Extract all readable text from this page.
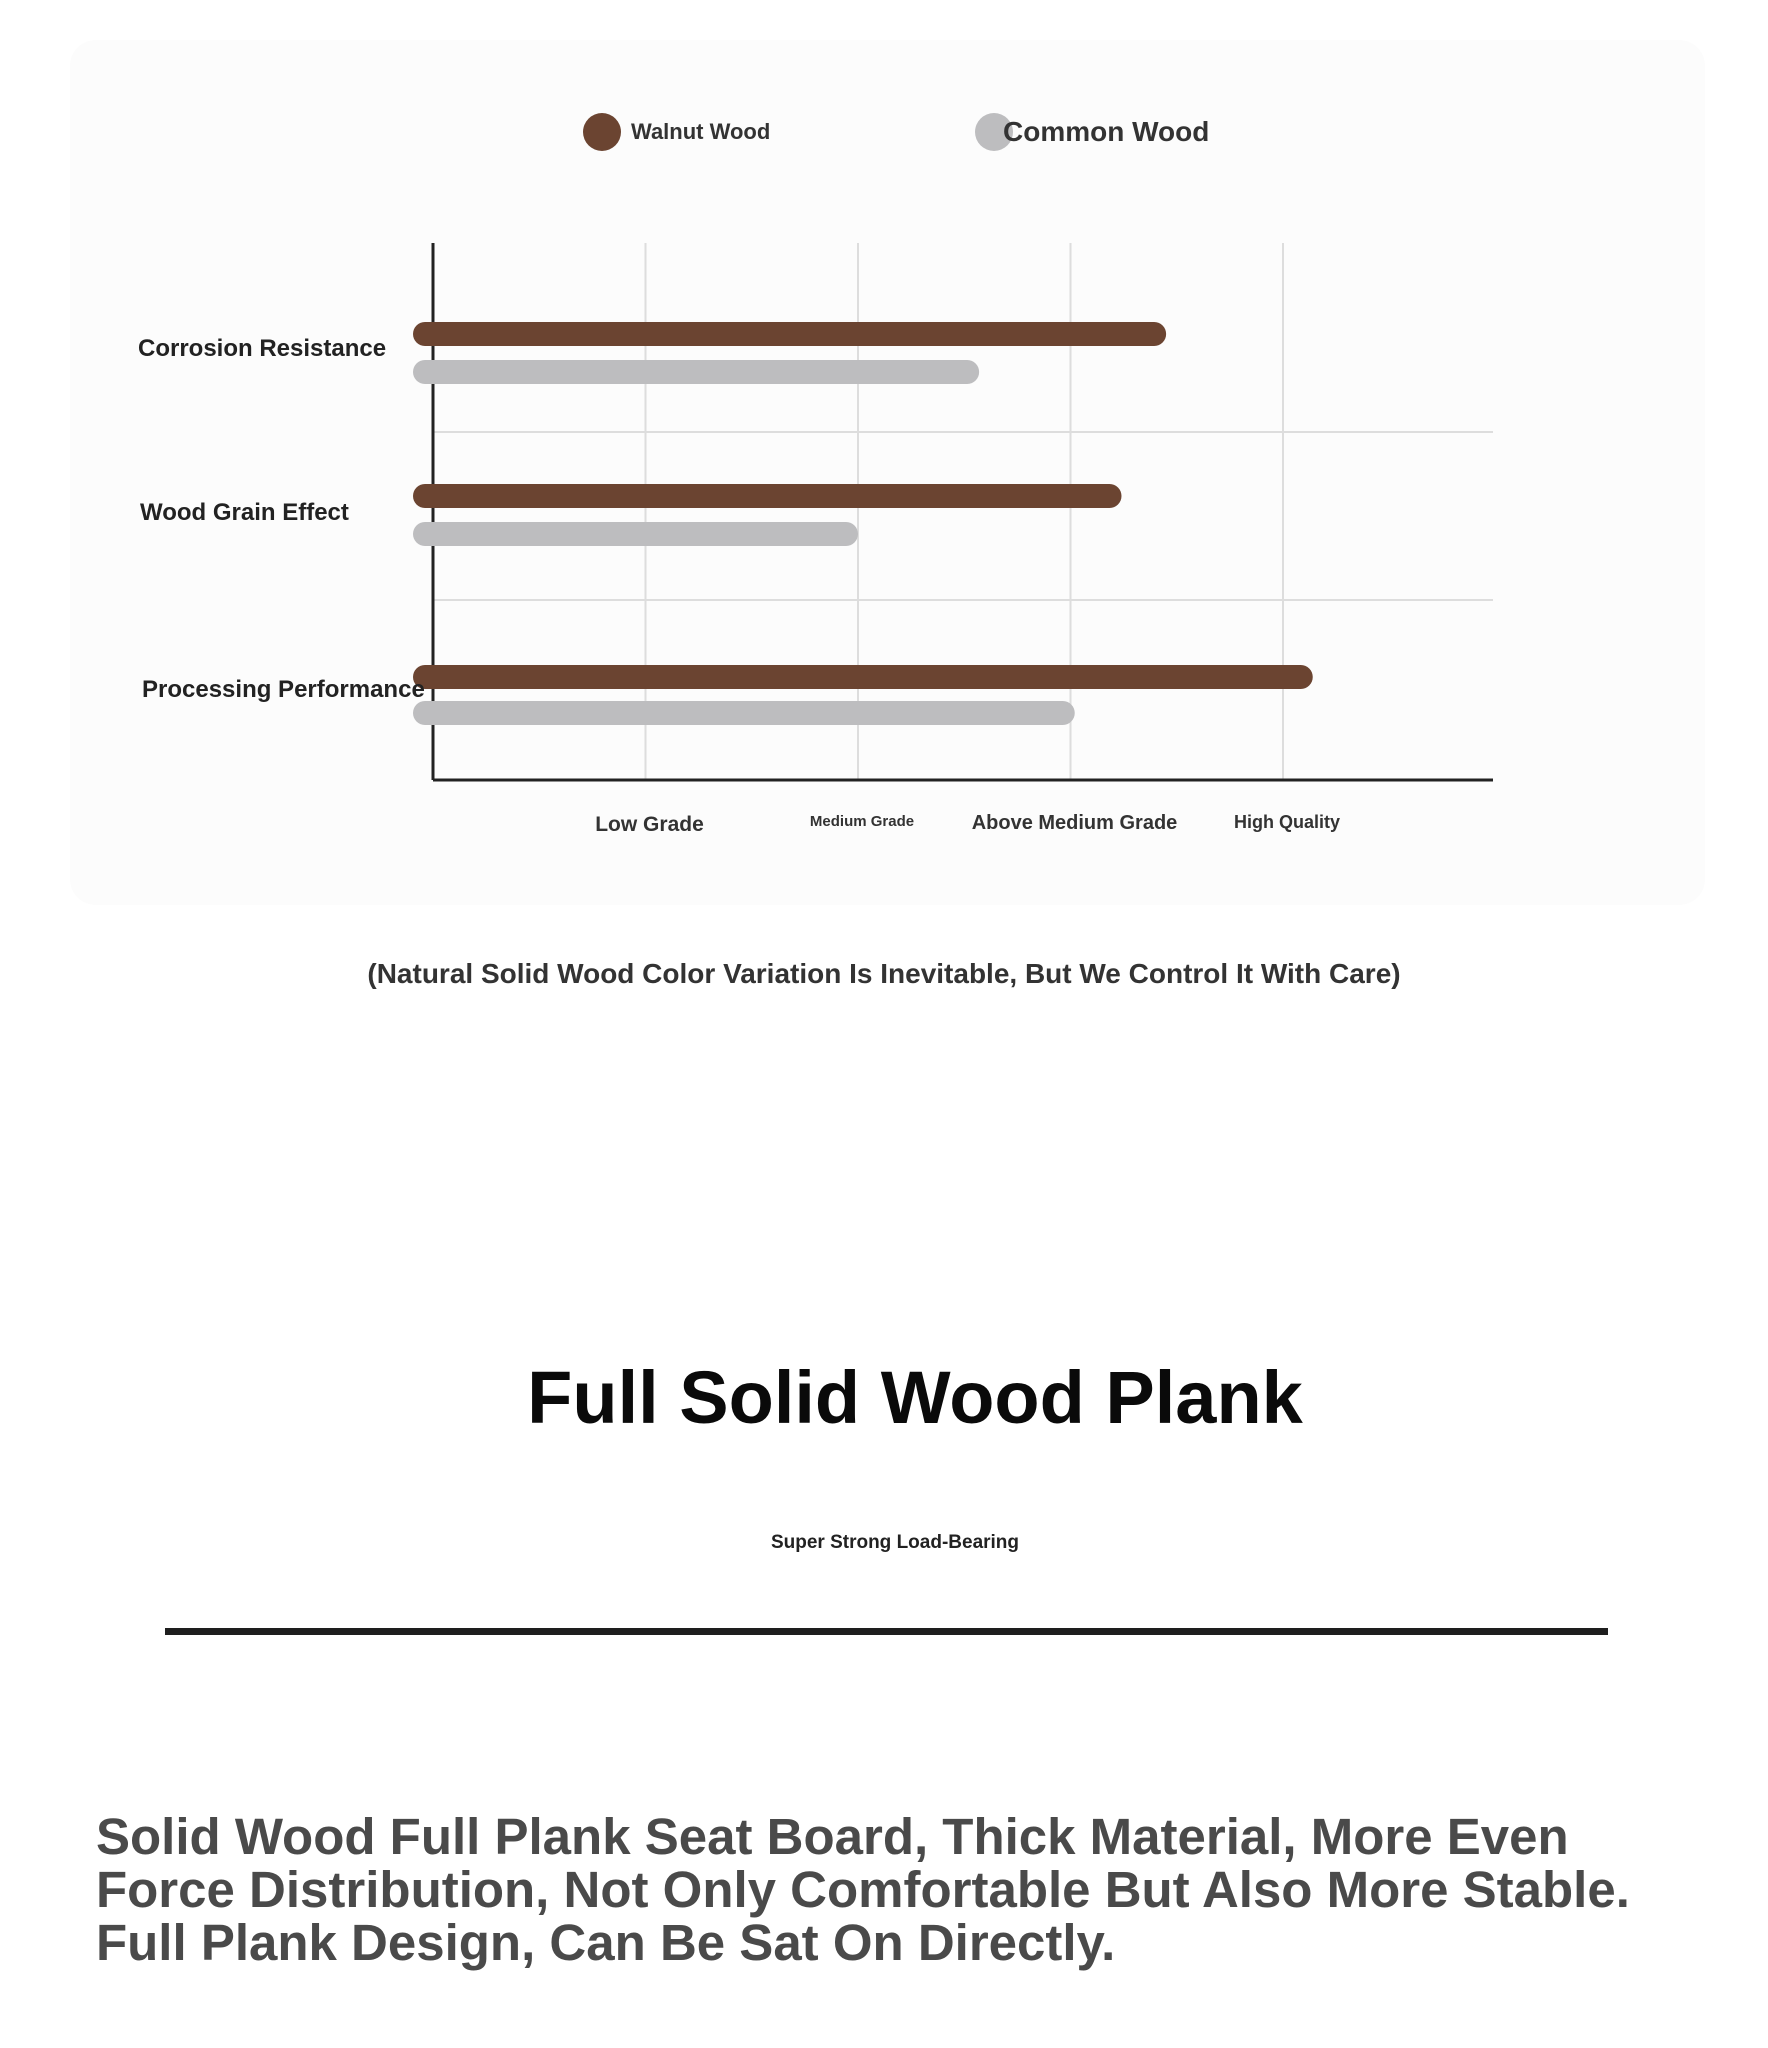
Walnut Wood	Common Wood
Corrosion Resistance
Wood Grain Effect
Processing Performance
Low Grade	Medium Grade	Above Medium Grade	High Quality
(Natural Solid Wood Color Variation Is Inevitable, But We Control It With Care)
Full Solid Wood Plank
Super Strong Load-Bearing

Solid Wood Full Plank Seat Board, Thick Material, More Even
Force Distribution, Not Only Comfortable But Also More Stable.
Full Plank Design, Can Be Sat On Directly.
